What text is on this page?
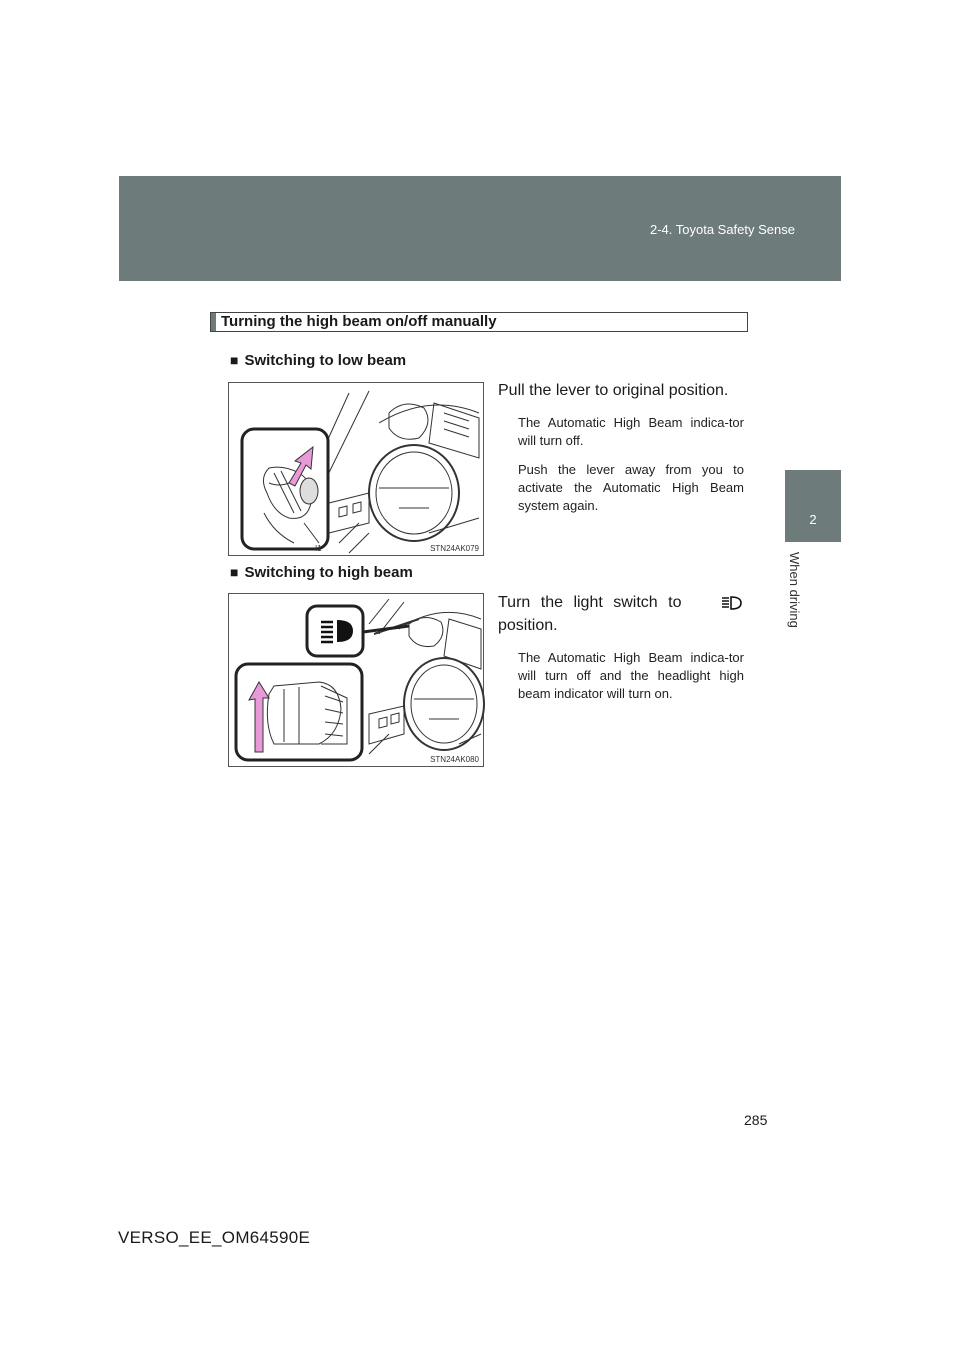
2-4. Toyota Safety Sense
2
When driving
Turning the high beam on/off manually
■ Switching to low beam
I1	STN24AK079
Pull the lever to original position.
The Automatic High Beam indica-tor will turn off.
Push the lever away from you to activate the Automatic High Beam system again.
■ Switching to high beam
STN24AK080
Turn the light switch to
position.
The Automatic High Beam indica-tor will turn off and the headlight high beam indicator will turn on.
285
VERSO_EE_OM64590E
